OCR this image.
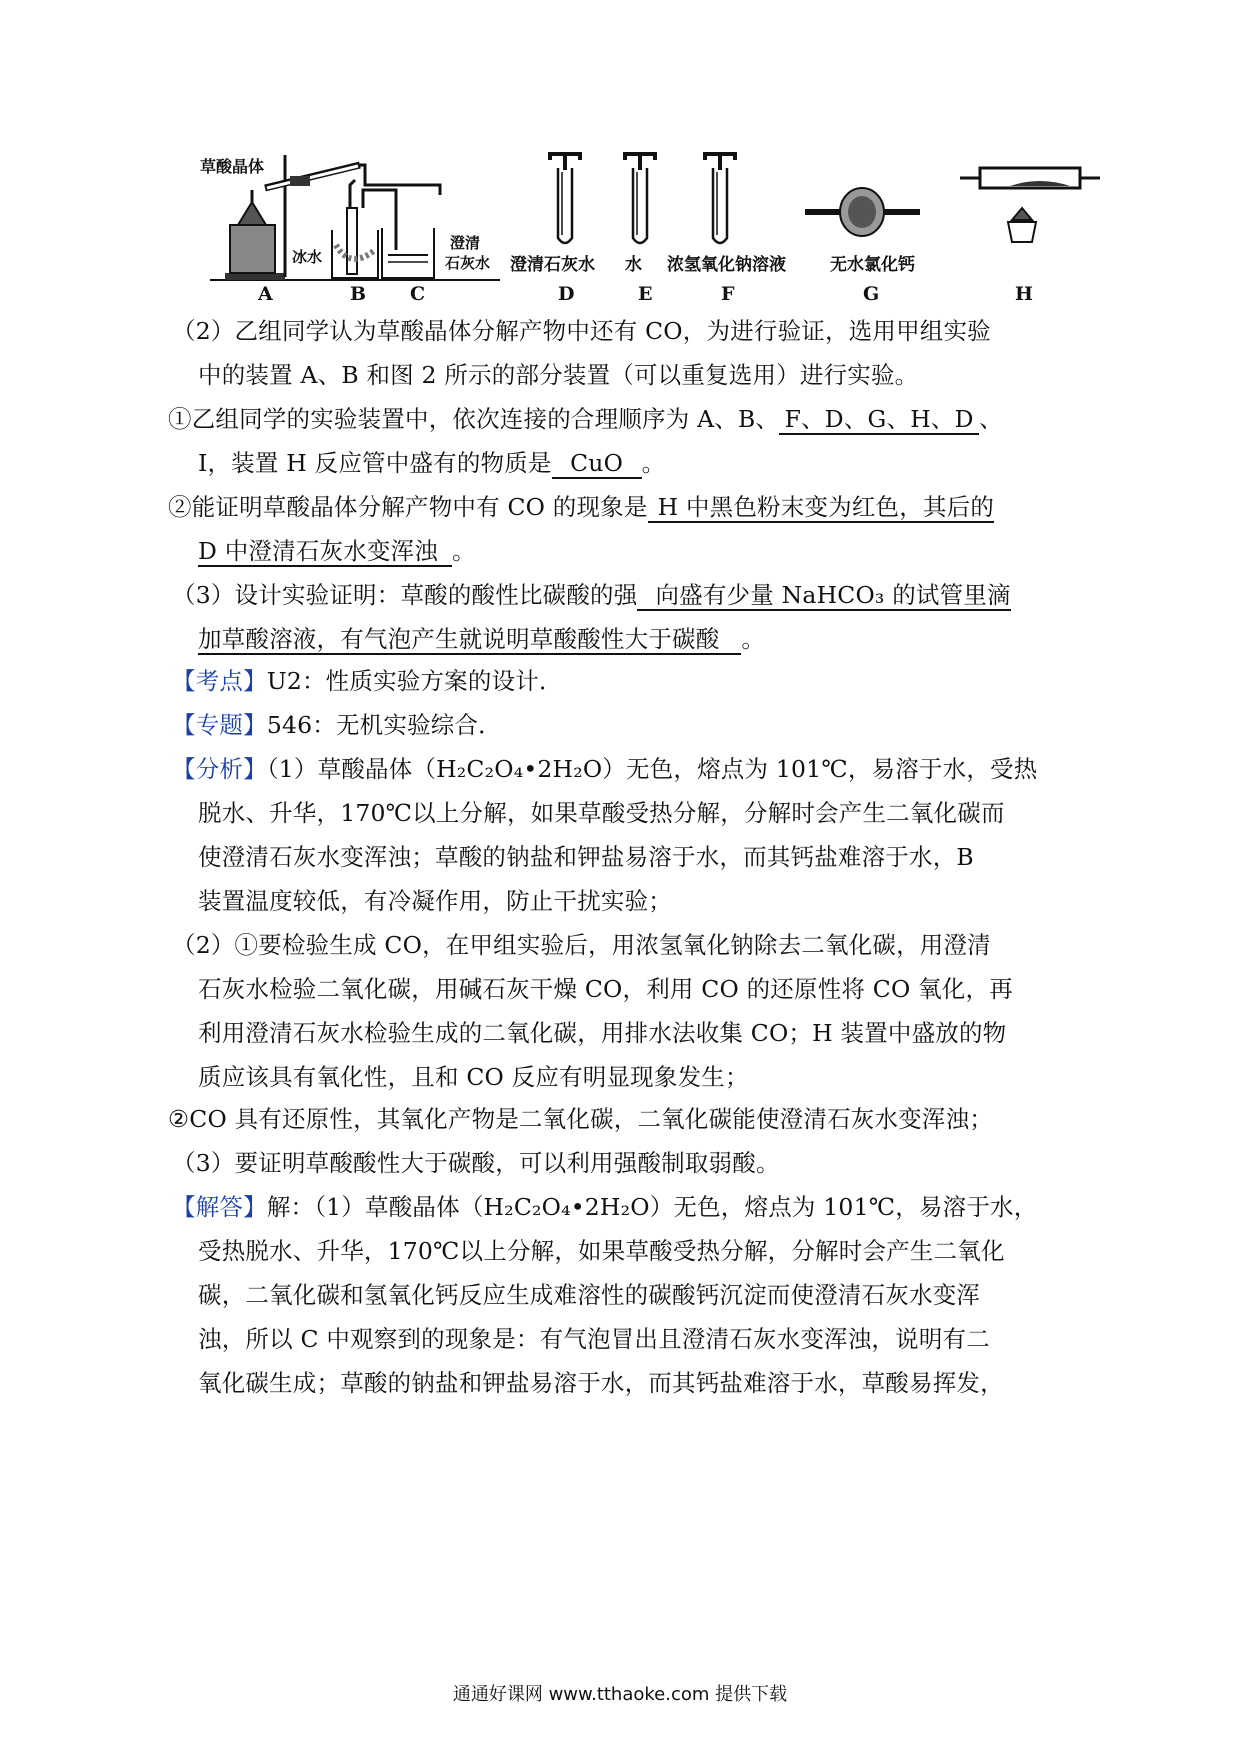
草酸晶体
冰水
澄清
石灰水
A	B C
澄清石灰水
D
水
E
浓氢氧化钠溶液
F
无水氯化钙
G	H
（2）乙组同学认为草酸晶体分解产物中还有 CO，为进行验证，选用甲组实验
中的装置 A、B 和图 2 所示的部分装置（可以重复选用）进行实验。
①乙组同学的实验装置中，依次连接的合理顺序为 A、B、 F、D、G、H、D 、
I，装置 H 反应管中盛有的物质是 CuO 。
②能证明草酸晶体分解产物中有 CO 的现象是 H 中黑色粉末变为红色，其后的
D 中澄清石灰水变浑浊 。
（3）设计实验证明：草酸的酸性比碳酸的强 向盛有少量 NaHCO₃ 的试管里滴
加草酸溶液，有气泡产生就说明草酸酸性大于碳酸 。
【考点】U2：性质实验方案的设计．
【专题】546：无机实验综合．
【分析】（1）草酸晶体（H₂C₂O₄•2H₂O）无色，熔点为 101℃，易溶于水，受热
脱水、升华，170℃以上分解，如果草酸受热分解，分解时会产生二氧化碳而
使澄清石灰水变浑浊；草酸的钠盐和钾盐易溶于水，而其钙盐难溶于水，B
装置温度较低，有冷凝作用，防止干扰实验；
（2）①要检验生成 CO，在甲组实验后，用浓氢氧化钠除去二氧化碳，用澄清
石灰水检验二氧化碳，用碱石灰干燥 CO，利用 CO 的还原性将 CO 氧化，再
利用澄清石灰水检验生成的二氧化碳，用排水法收集 CO；H 装置中盛放的物
质应该具有氧化性，且和 CO 反应有明显现象发生；
②CO 具有还原性，其氧化产物是二氧化碳，二氧化碳能使澄清石灰水变浑浊；
（3）要证明草酸酸性大于碳酸，可以利用强酸制取弱酸。
【解答】解：（1）草酸晶体（H₂C₂O₄•2H₂O）无色，熔点为 101℃，易溶于水，
受热脱水、升华，170℃以上分解，如果草酸受热分解，分解时会产生二氧化
碳，二氧化碳和氢氧化钙反应生成难溶性的碳酸钙沉淀而使澄清石灰水变浑
浊，所以 C 中观察到的现象是：有气泡冒出且澄清石灰水变浑浊，说明有二
氧化碳生成；草酸的钠盐和钾盐易溶于水，而其钙盐难溶于水，草酸易挥发，
通通好课网 www.tthaoke.com 提供下载
